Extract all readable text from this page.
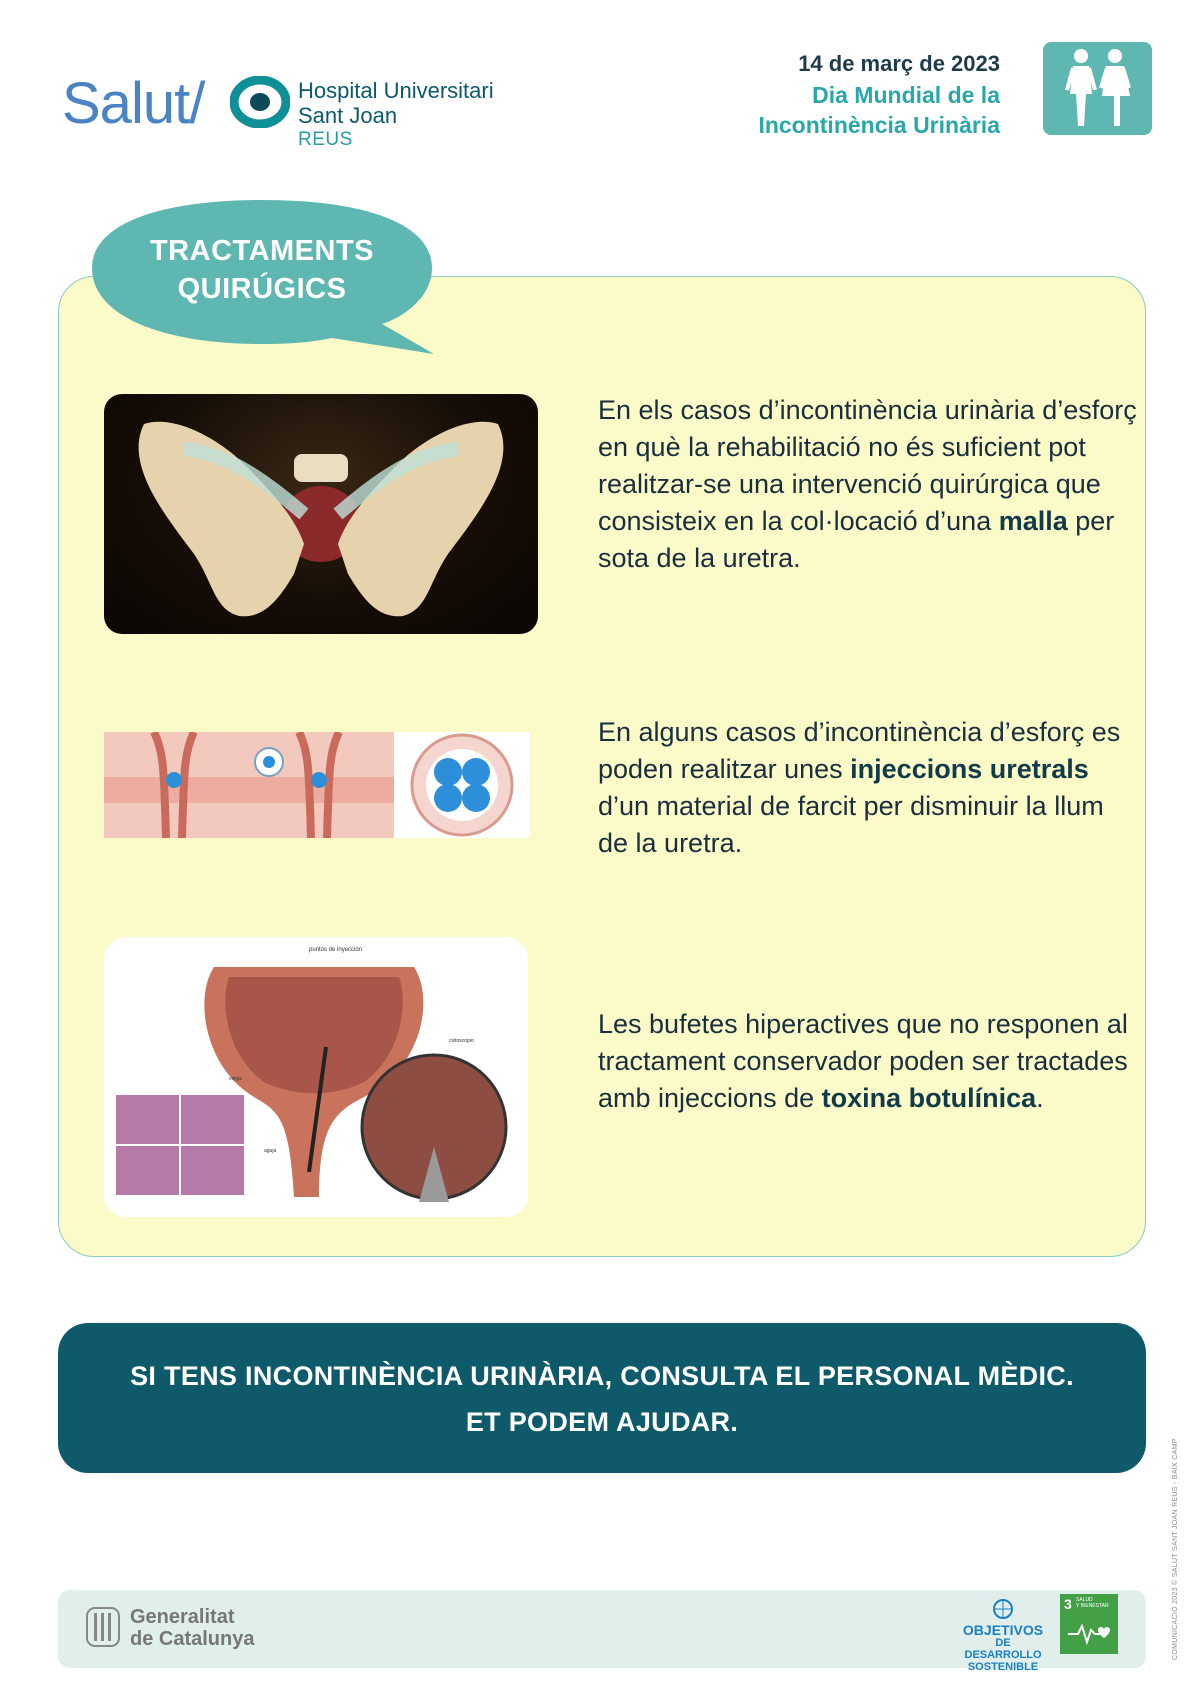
Salut/	Hospital Universitari
Sant Joan
REUS
14 de març de 2023
Dia Mundial de la
Incontinència Urinària
TRACTAMENTS
QUIRÚGICS
En els casos d’incontinència urinària d’esforç en què la rehabilitació no és suficient pot realitzar-se una intervenció quirúrgica que consisteix en la col·locació d’una malla per sota de la uretra.
En alguns casos d’incontinència d’esforç es poden realitzar unes injeccions uretrals d’un material de farcit per disminuir la llum de la uretra.
puntos de inyección
cistoscopio
vejiga
aguja
Les bufetes hiperactives que no responen al tractament conservador poden ser tractades amb injeccions de toxina botulínica.
SI TENS INCONTINÈNCIA URINÀRIA, CONSULTA EL PERSONAL MÈDIC.
ET PODEM AJUDAR.
COMUNICACIÓ 2023 © SALUT SANT JOAN REUS - BAIX CAMP
Generalitat
de Catalunya	OBJETIVOS
DE DESARROLLO
SOSTENIBLE
3 SALUD
Y BIENESTAR
